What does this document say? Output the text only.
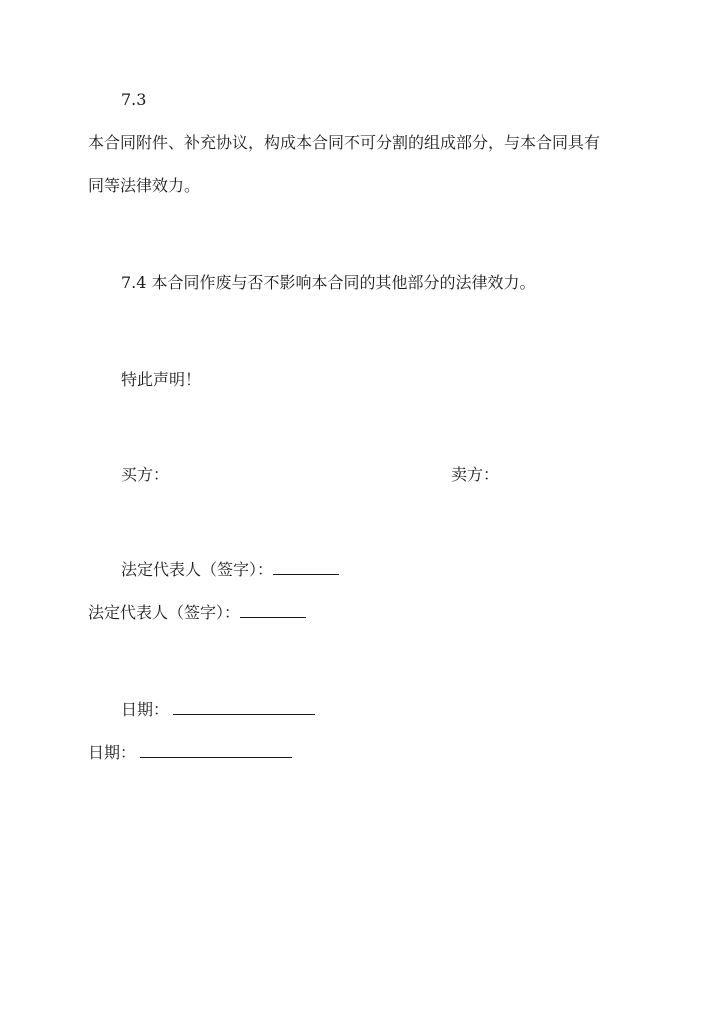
7.3
本合同附件、补充协议，构成本合同不可分割的组成部分，与本合同具有
同等法律效力。
7.4 本合同作废与否不影响本合同的其他部分的法律效力。
特此声明！
买方：	卖方：
法定代表人（签字）：
法定代表人（签字）：
日期：
日期：
